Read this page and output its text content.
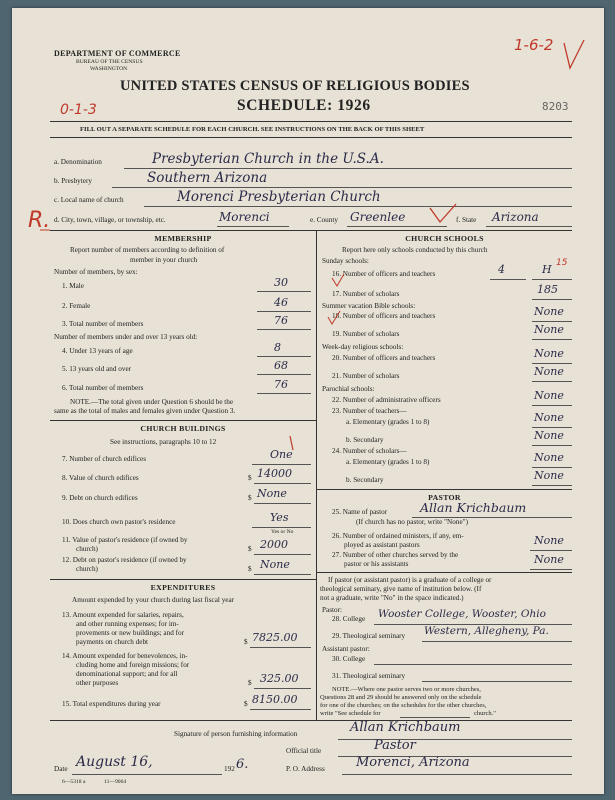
DEPARTMENT OF COMMERCE
BUREAU OF THE CENSUS
WASHINGTON
1-6-2
0-1-3
R.
UNITED STATES CENSUS OF RELIGIOUS BODIES
SCHEDULE: 1926	8203
FILL OUT A SEPARATE SCHEDULE FOR EACH CHURCH. SEE INSTRUCTIONS ON THE BACK OF THIS SHEET
a. Denomination	Presbyterian Church in the U.S.A.
b. Presbytery	Southern Arizona
c. Local name of church	Morenci Presbyterian Church
d. City, town, village, or township, etc.	Morenci	e. County Greenlee	f. State Arizona
MEMBERSHIP
Report number of members according to definition of
member in your church
Number of members, by sex:
1. Male	30
2. Female	46
3. Total number of members	76
Number of members under and over 13 years old:
4. Under 13 years of age	8
5. 13 years old and over	68
6. Total number of members	76
NOTE.—The total given under Question 6 should be the
same as the total of males and females given under Question 3.
CHURCH BUILDINGS
See instructions, paragraphs 10 to 12
7. Number of church edifices	One
8. Value of church edifices	$ 14000
9. Debt on church edifices	$ None
10. Does church own pastor's residence	Yes
Yes or No
11. Value of pastor's residence (if owned by
church)	$ 2000
12. Debt on pastor's residence (if owned by
church)	$ None
EXPENDITURES
Amount expended by your church during last fiscal year
13. Amount expended for salaries, repairs,
and other running expenses; for im-
provements or new buildings; and for
payments on church debt	$ 7825.00
14. Amount expended for benevolences, in-
cluding home and foreign missions; for
denominational support; and for all
other purposes	$ 325.00
15. Total expenditures during year	$ 8150.00
CHURCH SCHOOLS
Report here only schools conducted by this church
Sunday schools:
16. Number of officers and teachers	4	H 15
17. Number of scholars	185
Summer vacation Bible schools:
18. Number of officers and teachers	None
19. Number of scholars	None
Week-day religious schools:
20. Number of officers and teachers	None
21. Number of scholars	None
Parochial schools:
22. Number of administrative officers	None
23. Number of teachers—
a. Elementary (grades 1 to 8)	None
b. Secondary	None
24. Number of scholars—
a. Elementary (grades 1 to 8)	None
b. Secondary	None
PASTOR
25. Name of pastor	Allan Krichbaum
(If church has no pastor, write "None")
26. Number of ordained ministers, if any, em-
ployed as assistant pastors	None
27. Number of other churches served by the
pastor or his assistants	None
If pastor (or assistant pastor) is a graduate of a college or
theological seminary, give name of institution below. (If
not a graduate, write "No" in the space indicated.)
Pastor:
28. College Wooster College, Wooster, Ohio
29. Theological seminary Western, Allegheny, Pa.
Assistant pastor:
30. College
31. Theological seminary
NOTE.—Where one pastor serves two or more churches,
Questions 28 and 29 should be answered only on the schedule
for one of the churches; on the schedules for the other churches,
write "See schedule for	church."
Signature of person furnishing information	Allan Krichbaum
Official title	Pastor
Date August 16,	192 6.	P. O. Address Morenci, Arizona
6—5318 a	11—9064
